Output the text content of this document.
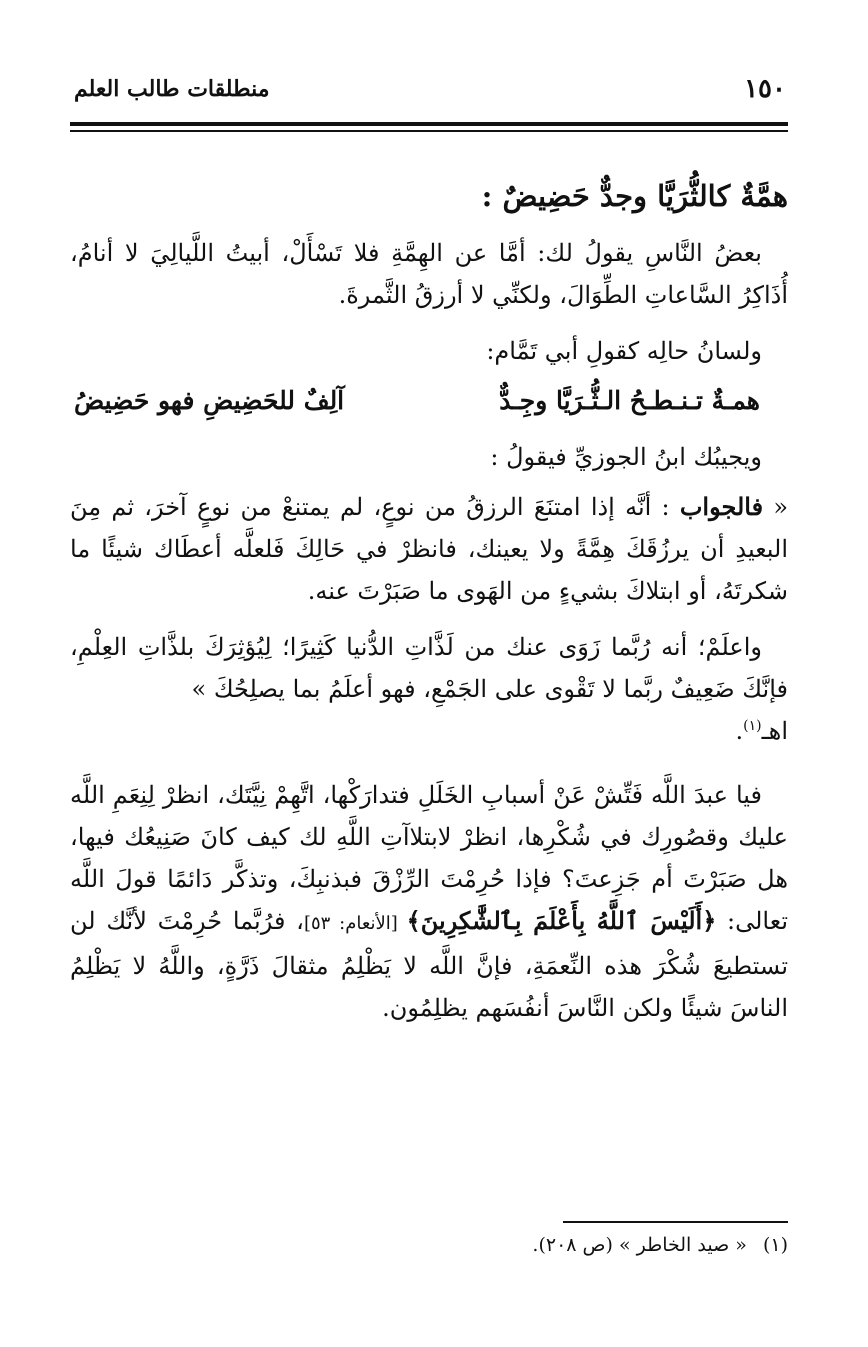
١٥٠
منطلقات طالب العلم
همَّةٌ كالثُّرَيَّا وجدٌّ حَضِيضٌ :

بعضُ النَّاسِ يقولُ لك: أمَّا عن الهِمَّةِ فلا تَسْأَلْ، أبيتُ اللَّيالِيَ لا أنامُ، أُذَاكِرُ السَّاعاتِ الطِّوَالَ، ولكنِّي لا أرزقُ الثَّمرةَ.

ولسانُ حالِه كقولِ أبي تَمَّام:

همـةٌ تـنـطـحُ الـثُّـرَيَّا وجِـدٌّ
آلِفٌ للحَضِيضِ فهو حَضِيضُ

ويجيبُك ابنُ الجوزيِّ فيقولُ :

« فالجواب : أنَّه إذا امتنَعَ الرزقُ من نوعٍ، لم يمتنعْ من نوعٍ آخرَ، ثم مِنَ البعيدِ أن يرزُقَكَ هِمَّةً ولا يعينك، فانظرْ في حَالِكَ فَلعلَّه أعطَاك شيئًا ما شكرتَهُ، أو ابتلاكَ بشيءٍ من الهَوى ما صَبَرْتَ عنه.

واعلَمْ؛ أنه رُبَّما زَوَى عنك من لَذَّاتِ الدُّنيا كَثِيرًا؛ لِيُؤثِرَكَ بلذَّاتِ العِلْمِ، فإنَّكَ ضَعِيفٌ ربَّما لا تَقْوى على الجَمْعِ، فهو أعلَمُ بما يصلِحُكَ »
اهـ$^{(١)}$.

فيا عبدَ اللَّه فَتِّشْ عَنْ أسبابِ الخَلَلِ فتدارَكْها، اتَّهِمْ نِيَّتَك، انظرْ لِنِعَمِ اللَّه عليك وقصُورِك في شُكْرِها، انظرْ لابتلاآتِ اللَّهِ لك كيف كانَ صَنِيعُك فيها، هل صَبَرْتَ أم جَزِعتَ؟ فإذا حُرِمْتَ الرِّزْقَ فبذنبِكَ، وتذكَّر دَائمًا قولَ اللَّه تعالى: ﴿أَلَيْسَ ٱللَّهُ بِأَعْلَمَ بِٱلشَّٰكِرِينَ﴾ [الأنعام: ٥٣]، فرُبَّما حُرِمْتَ لأنَّك لن تستطيعَ شُكْرَ هذه النِّعمَةِ، فإنَّ اللَّه لا يَظْلِمُ مثقالَ ذَرَّةٍ، واللَّهُ لا يَظْلِمُ الناسَ شيئًا ولكن النَّاسَ أنفُسَهم يظلِمُون.

(١) « صيد الخاطر » (ص ٢٠٨).
